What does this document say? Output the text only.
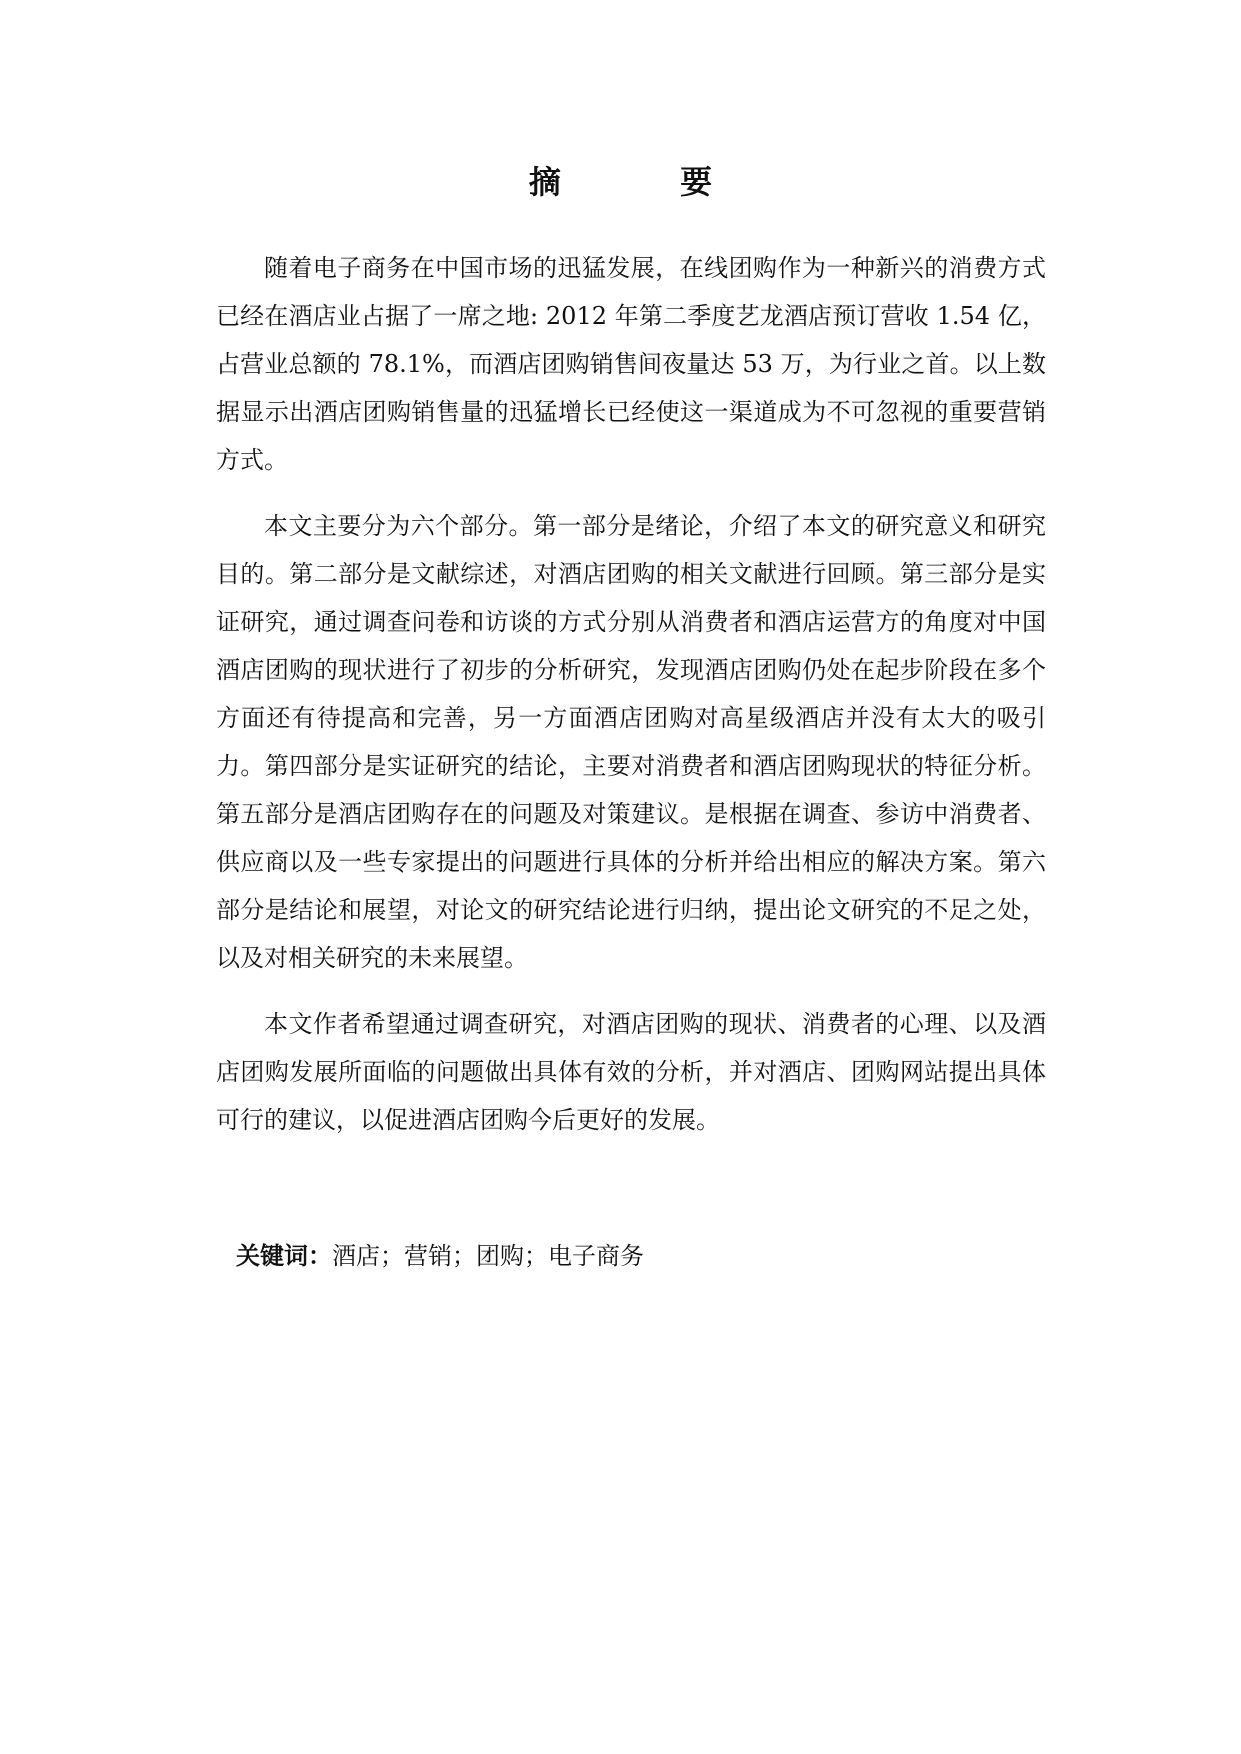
摘 要

随着电子商务在中国市场的迅猛发展，在线团购作为一种新兴的消费方式已经在酒店业占据了一席之地: 2012 年第二季度艺龙酒店预订营收 1.54 亿，占营业总额的 78.1%，而酒店团购销售间夜量达 53 万，为行业之首。以上数据显示出酒店团购销售量的迅猛增长已经使这一渠道成为不可忽视的重要营销方式。

本文主要分为六个部分。第一部分是绪论，介绍了本文的研究意义和研究目的。第二部分是文献综述，对酒店团购的相关文献进行回顾。第三部分是实证研究，通过调查问卷和访谈的方式分别从消费者和酒店运营方的角度对中国酒店团购的现状进行了初步的分析研究，发现酒店团购仍处在起步阶段在多个方面还有待提高和完善，另一方面酒店团购对高星级酒店并没有太大的吸引力。第四部分是实证研究的结论，主要对消费者和酒店团购现状的特征分析。第五部分是酒店团购存在的问题及对策建议。是根据在调查、参访中消费者、供应商以及一些专家提出的问题进行具体的分析并给出相应的解决方案。第六部分是结论和展望，对论文的研究结论进行归纳，提出论文研究的不足之处，以及对相关研究的未来展望。

本文作者希望通过调查研究，对酒店团购的现状、消费者的心理、以及酒店团购发展所面临的问题做出具体有效的分析，并对酒店、团购网站提出具体可行的建议，以促进酒店团购今后更好的发展。

关键词：酒店；营销；团购；电子商务
